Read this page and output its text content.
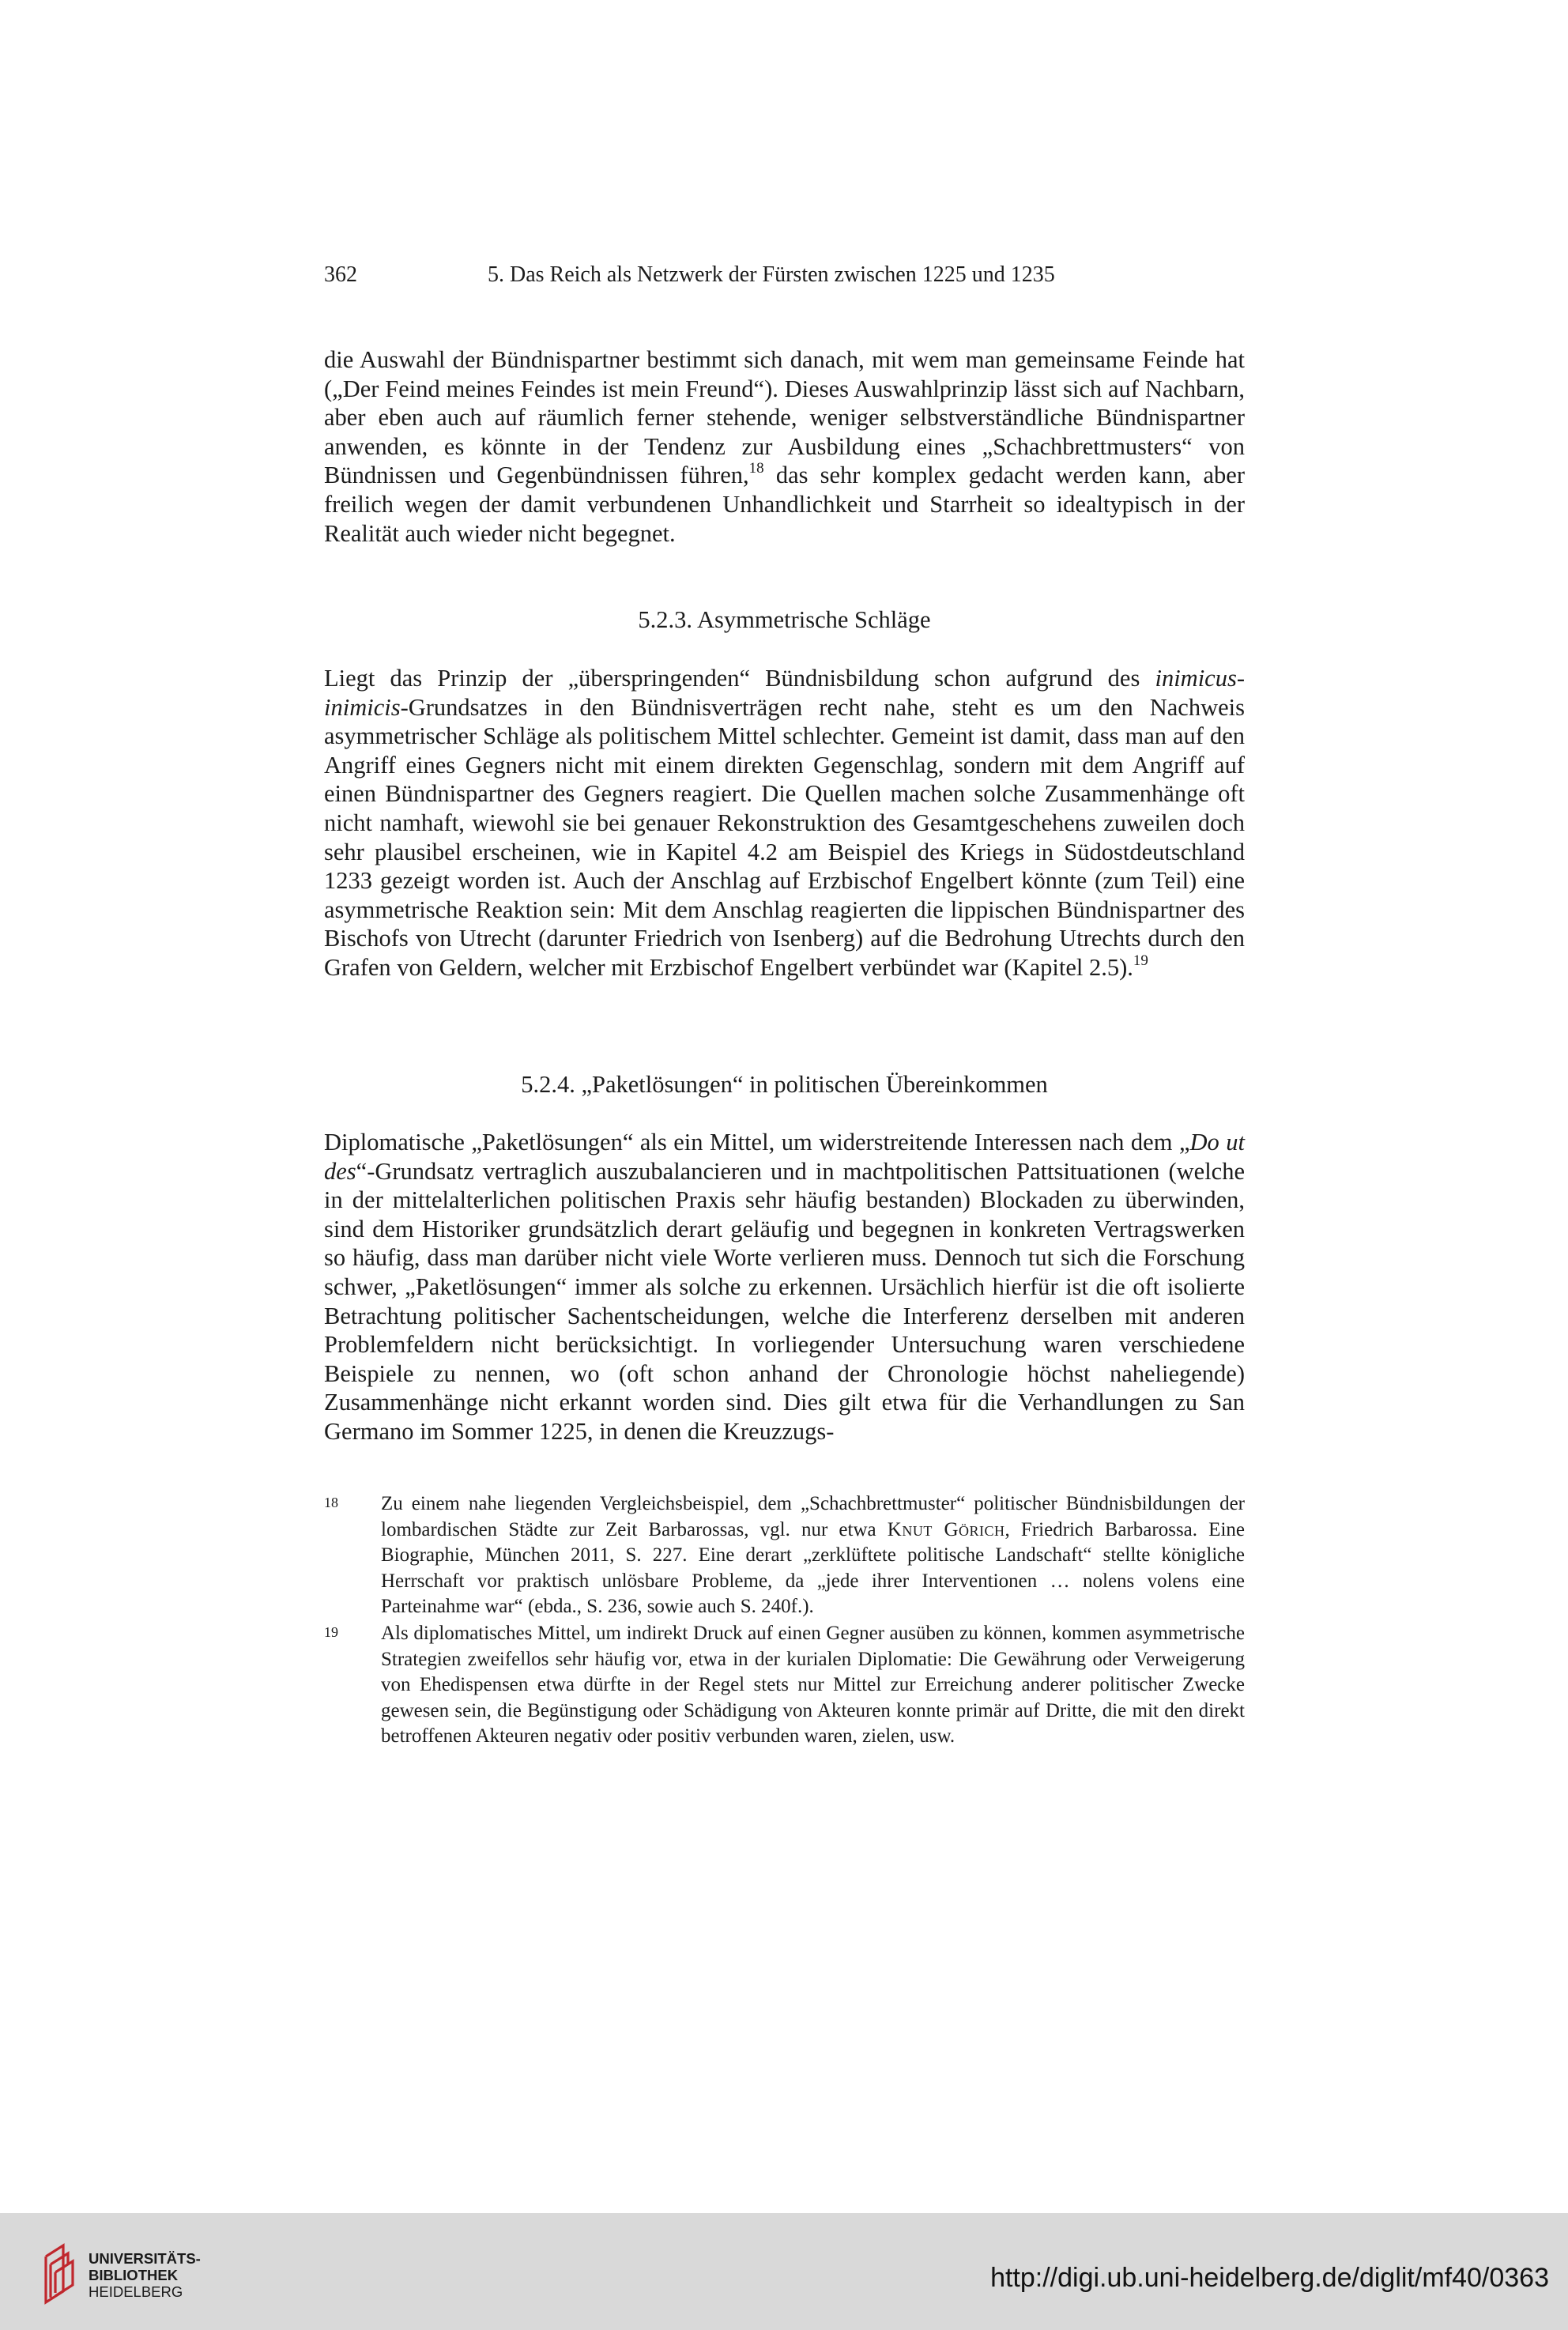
362	5. Das Reich als Netzwerk der Fürsten zwischen 1225 und 1235
die Auswahl der Bündnispartner bestimmt sich danach, mit wem man gemeinsame Feinde hat („Der Feind meines Feindes ist mein Freund“). Dieses Auswahlprinzip lässt sich auf Nachbarn, aber eben auch auf räumlich ferner stehende, weniger selbstverständliche Bündnispartner anwenden, es könnte in der Tendenz zur Ausbildung eines „Schachbrettmusters“ von Bündnissen und Gegenbündnissen führen,$^{18}$ das sehr komplex gedacht werden kann, aber freilich wegen der damit verbundenen Unhandlichkeit und Starrheit so idealtypisch in der Realität auch wieder nicht begegnet.
5.2.3. Asymmetrische Schläge
Liegt das Prinzip der „überspringenden“ Bündnisbildung schon aufgrund des inimicus-inimicis-Grundsatzes in den Bündnisverträgen recht nahe, steht es um den Nachweis asymmetrischer Schläge als politischem Mittel schlechter. Gemeint ist damit, dass man auf den Angriff eines Gegners nicht mit einem direkten Gegenschlag, sondern mit dem Angriff auf einen Bündnispartner des Gegners reagiert. Die Quellen machen solche Zusammenhänge oft nicht namhaft, wiewohl sie bei genauer Rekonstruktion des Gesamtgeschehens zuweilen doch sehr plausibel erscheinen, wie in Kapitel 4.2 am Beispiel des Kriegs in Südostdeutschland 1233 gezeigt worden ist. Auch der Anschlag auf Erzbischof Engelbert könnte (zum Teil) eine asymmetrische Reaktion sein: Mit dem Anschlag reagierten die lippischen Bündnispartner des Bischofs von Utrecht (darunter Friedrich von Isenberg) auf die Bedrohung Utrechts durch den Grafen von Geldern, welcher mit Erzbischof Engelbert verbündet war (Kapitel 2.5).$^{19}$
5.2.4. „Paketlösungen“ in politischen Übereinkommen
Diplomatische „Paketlösungen“ als ein Mittel, um widerstreitende Interessen nach dem „Do ut des“-Grundsatz vertraglich auszubalancieren und in machtpolitischen Pattsituationen (welche in der mittelalterlichen politischen Praxis sehr häufig bestanden) Blockaden zu überwinden, sind dem Historiker grundsätzlich derart geläufig und begegnen in konkreten Vertragswerken so häufig, dass man darüber nicht viele Worte verlieren muss. Dennoch tut sich die Forschung schwer, „Paketlösungen“ immer als solche zu erkennen. Ursächlich hierfür ist die oft isolierte Betrachtung politischer Sachentscheidungen, welche die Interferenz derselben mit anderen Problemfeldern nicht berücksichtigt. In vorliegender Untersuchung waren verschiedene Beispiele zu nennen, wo (oft schon anhand der Chronologie höchst naheliegende) Zusammenhänge nicht erkannt worden sind. Dies gilt etwa für die Verhandlungen zu San Germano im Sommer 1225, in denen die Kreuzzugs-
18 Zu einem nahe liegenden Vergleichsbeispiel, dem „Schachbrettmuster“ politischer Bündnisbildungen der lombardischen Städte zur Zeit Barbarossas, vgl. nur etwa Knut Görich, Friedrich Barbarossa. Eine Biographie, München 2011, S. 227. Eine derart „zerklüftete politische Landschaft“ stellte königliche Herrschaft vor praktisch unlösbare Probleme, da „jede ihrer Interventionen … nolens volens eine Parteinahme war“ (ebda., S. 236, sowie auch S. 240f.).
19 Als diplomatisches Mittel, um indirekt Druck auf einen Gegner ausüben zu können, kommen asymmetrische Strategien zweifellos sehr häufig vor, etwa in der kurialen Diplomatie: Die Gewährung oder Verweigerung von Ehedispensen etwa dürfte in der Regel stets nur Mittel zur Erreichung anderer politischer Zwecke gewesen sein, die Begünstigung oder Schädigung von Akteuren konnte primär auf Dritte, die mit den direkt betroffenen Akteuren negativ oder positiv verbunden waren, zielen, usw.
UNIVERSITÄTS-
BIBLIOTHEK
HEIDELBERG	http://digi.ub.uni-heidelberg.de/diglit/mf40/0363
